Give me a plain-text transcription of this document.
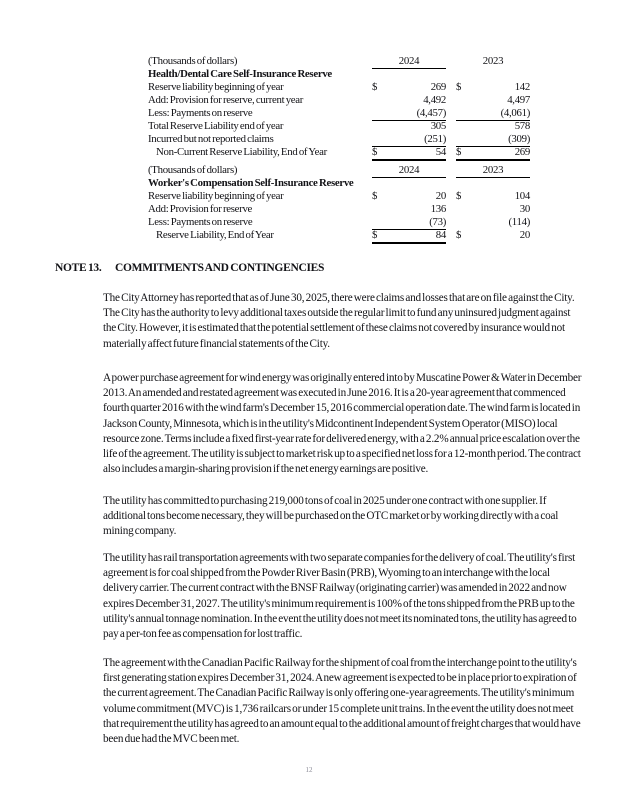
(Thousands of dollars)	2024	2023
Health/Dental Care Self-Insurance Reserve
Reserve liability beginning of year	$	269 $	142
Add: Provision for reserve, current year	4,492	4,497
Less: Payments on reserve	(4,457)	(4,061)
Total Reserve Liability end of year	305	578
Incurred but not reported claims	(251)	(309)
Non-Current Reserve Liability, End of Year	$	54 $	269
(Thousands of dollars)	2024	2023
Worker's Compensation Self-Insurance Reserve
Reserve liability beginning of year	$	20 $	104
Add: Provision for reserve	136	30
Less: Payments on reserve	(73)	(114)
Reserve Liability, End of Year	$	84 $	20
NOTE 13.	COMMITMENTS AND CONTINGENCIES

The City Attorney has reported that as of June 30, 2025, there were claims and losses that are on file against the City. The City has the authority to levy additional taxes outside the regular limit to fund any uninsured judgment against the City. However, it is estimated that the potential settlement of these claims not covered by insurance would not materially affect future financial statements of the City.

A power purchase agreement for wind energy was originally entered into by Muscatine Power & Water in December 2013. An amended and restated agreement was executed in June 2016. It is a 20-year agreement that commenced fourth quarter 2016 with the wind farm's December 15, 2016 commercial operation date. The wind farm is located in Jackson County, Minnesota, which is in the utility's Midcontinent Independent System Operator (MISO) local resource zone. Terms include a fixed first-year rate for delivered energy, with a 2.2% annual price escalation over the life of the agreement. The utility is subject to market risk up to a specified net loss for a 12-month period. The contract also includes a margin-sharing provision if the net energy earnings are positive.

The utility has committed to purchasing 219,000 tons of coal in 2025 under one contract with one supplier. If additional tons become necessary, they will be purchased on the OTC market or by working directly with a coal mining company.

The utility has rail transportation agreements with two separate companies for the delivery of coal. The utility's first agreement is for coal shipped from the Powder River Basin (PRB), Wyoming to an interchange with the local delivery carrier. The current contract with the BNSF Railway (originating carrier) was amended in 2022 and now expires December 31, 2027. The utility's minimum requirement is 100% of the tons shipped from the PRB up to the utility's annual tonnage nomination. In the event the utility does not meet its nominated tons, the utility has agreed to pay a per-ton fee as compensation for lost traffic.

The agreement with the Canadian Pacific Railway for the shipment of coal from the interchange point to the utility's first generating station expires December 31, 2024. A new agreement is expected to be in place prior to expiration of the current agreement. The Canadian Pacific Railway is only offering one-year agreements. The utility's minimum volume commitment (MVC) is 1,736 railcars or under 15 complete unit trains. In the event the utility does not meet that requirement the utility has agreed to an amount equal to the additional amount of freight charges that would have been due had the MVC been met.

12
